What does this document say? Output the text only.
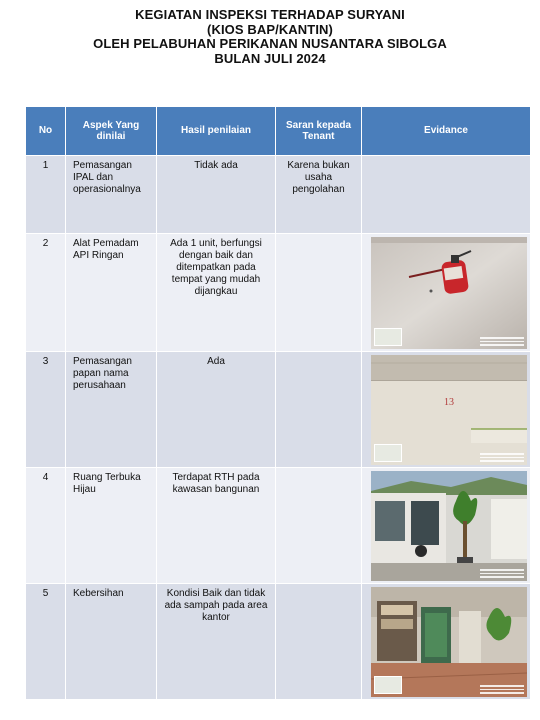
KEGIATAN INSPEKSI TERHADAP SURYANI
(KIOS BAP/KANTIN)
OLEH PELABUHAN PERIKANAN NUSANTARA SIBOLGA
BULAN JULI 2024
No	Aspek Yang dinilai	Hasil penilaian	Saran kepada Tenant	Evidance
1	Pemasangan IPAL dan operasionalnya	Tidak ada	Karena bukan usaha pengolahan	
2	Alat Pemadam API Ringan	Ada 1 unit, berfungsi dengan baik dan ditempatkan pada tempat yang mudah dijangkau		

3	Pemasangan papan nama perusahaan	Ada		13

4	Ruang Terbuka Hijau	Terdapat RTH pada kawasan bangunan		

5	Kebersihan	Kondisi Baik dan tidak ada sampah pada area kantor		
